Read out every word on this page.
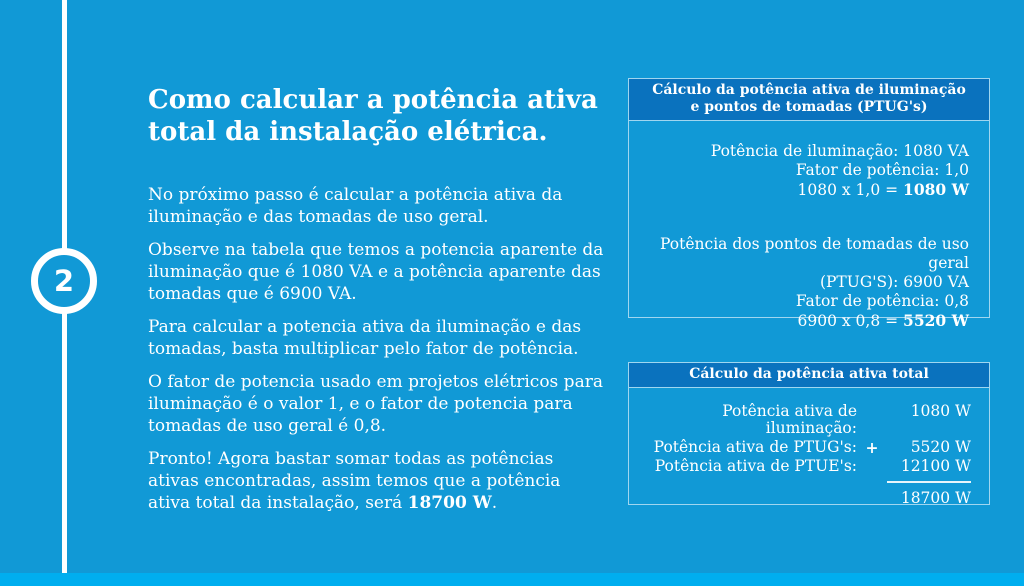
2
Como calcular a potência ativa total da instalação elétrica.

No próximo passo é calcular a potência ativa da iluminação e das tomadas de uso geral.

Observe na tabela que temos a potencia aparente da iluminação que é 1080 VA e a potência aparente das tomadas que é 6900 VA.

Para calcular a potencia ativa da iluminação e das tomadas, basta multiplicar pelo fator de potência.

O fator de potencia usado em projetos elétricos para iluminação é o valor 1, e o fator de potencia para tomadas de uso geral é 0,8.

Pronto! Agora bastar somar todas as potências ativas encontradas, assim temos que a potência ativa total da instalação, será 18700 W.

Cálculo da potência ativa de iluminação e pontos de tomadas (PTUG's)
Potência de iluminação: 1080 VA
Fator de potência: 1,0
1080 x 1,0 = 1080 W
Potência dos pontos de tomadas de uso geral
(PTUG'S): 6900 VA
Fator de potência: 0,8
6900 x 0,8 = 5520 W
Cálculo da potência ativa total
Potência ativa de iluminação:
1080 W
Potência ativa de PTUG's: +	5520 W
Potência ativa de PTUE's:	12100 W
18700 W
